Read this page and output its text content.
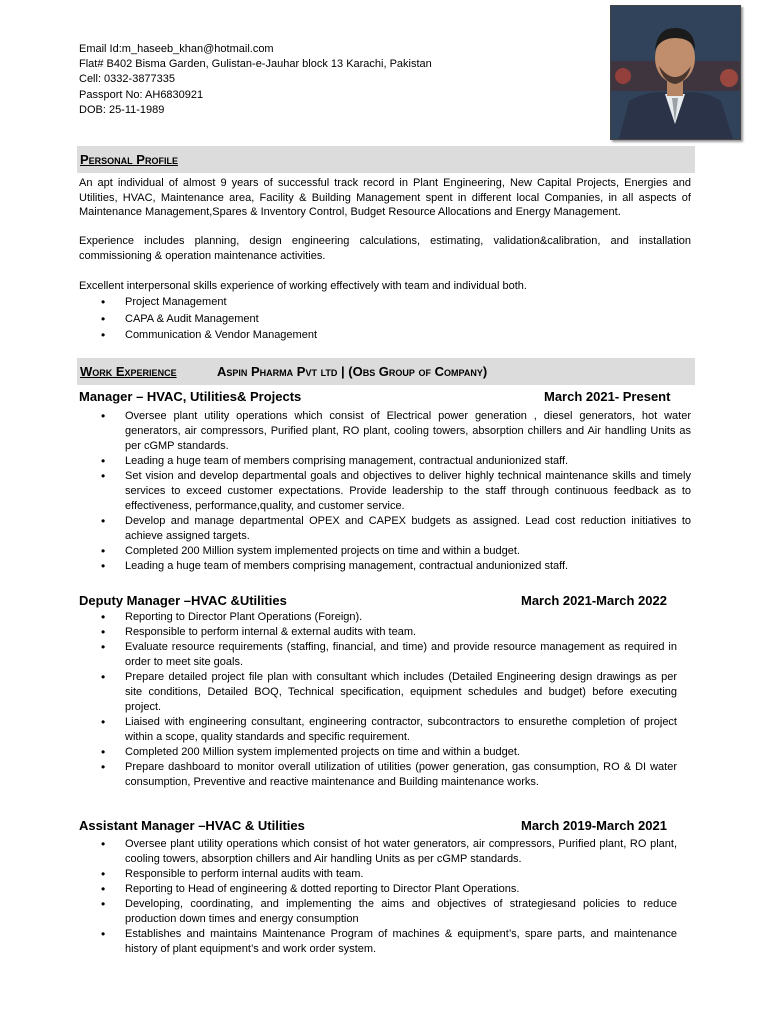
Email Id:m_haseeb_khan@hotmail.com
Flat# B402 Bisma Garden, Gulistan-e-Jauhar block 13 Karachi, Pakistan
Cell: 0332-3877335
Passport No: AH6830921
DOB: 25-11-1989
Personal Profile
An apt individual of almost 9 years of successful track record in Plant Engineering, New Capital Projects, Energies and Utilities, HVAC, Maintenance area, Facility & Building Management spent in different local Companies, in all aspects of Maintenance Management,Spares & Inventory Control, Budget Resource Allocations and Energy Management.
Experience includes planning, design engineering calculations, estimating, validation&calibration, and installation commissioning & operation maintenance activities.
Excellent interpersonal skills experience of working effectively with team and individual both.
• Project Management
• CAPA & Audit Management
• Communication & Vendor Management
Work Experience	Aspin Pharma Pvt ltd | (Obs Group of Company)
Manager – HVAC, Utilities& Projects	March 2021- Present
• Oversee plant utility operations which consist of Electrical power generation , diesel generators, hot water generators, air compressors, Purified plant, RO plant, cooling towers, absorption chillers and Air handling Units as per cGMP standards.
• Leading a huge team of members comprising management, contractual andunionized staff.
• Set vision and develop departmental goals and objectives to deliver highly technical maintenance skills and timely services to exceed customer expectations. Provide leadership to the staff through continuous feedback as to effectiveness, performance,quality, and customer service.
• Develop and manage departmental OPEX and CAPEX budgets as assigned. Lead cost reduction initiatives to achieve assigned targets.
• Completed 200 Million system implemented projects on time and within a budget.
• Leading a huge team of members comprising management, contractual andunionized staff.
Deputy Manager –HVAC &Utilities	March 2021-March 2022
• Reporting to Director Plant Operations (Foreign).
• Responsible to perform internal & external audits with team.
• Evaluate resource requirements (staffing, financial, and time) and provide resource management as required in order to meet site goals.
• Prepare detailed project file plan with consultant which includes (Detailed Engineering design drawings as per site conditions, Detailed BOQ, Technical specification, equipment schedules and budget) before executing project.
• Liaised with engineering consultant, engineering contractor, subcontractors to ensurethe completion of project within a scope, quality standards and specific requirement.
• Completed 200 Million system implemented projects on time and within a budget.
• Prepare dashboard to monitor overall utilization of utilities (power generation, gas consumption, RO & DI water consumption, Preventive and reactive maintenance and Building maintenance works.
Assistant Manager –HVAC & Utilities	March 2019-March 2021
• Oversee plant utility operations which consist of hot water generators, air compressors, Purified plant, RO plant, cooling towers, absorption chillers and Air handling Units as per cGMP standards.
• Responsible to perform internal audits with team.
• Reporting to Head of engineering & dotted reporting to Director Plant Operations.
• Developing, coordinating, and implementing the aims and objectives of strategiesand policies to reduce production down times and energy consumption
• Establishes and maintains Maintenance Program of machines & equipment’s, spare parts, and maintenance history of plant equipment’s and work order system.
